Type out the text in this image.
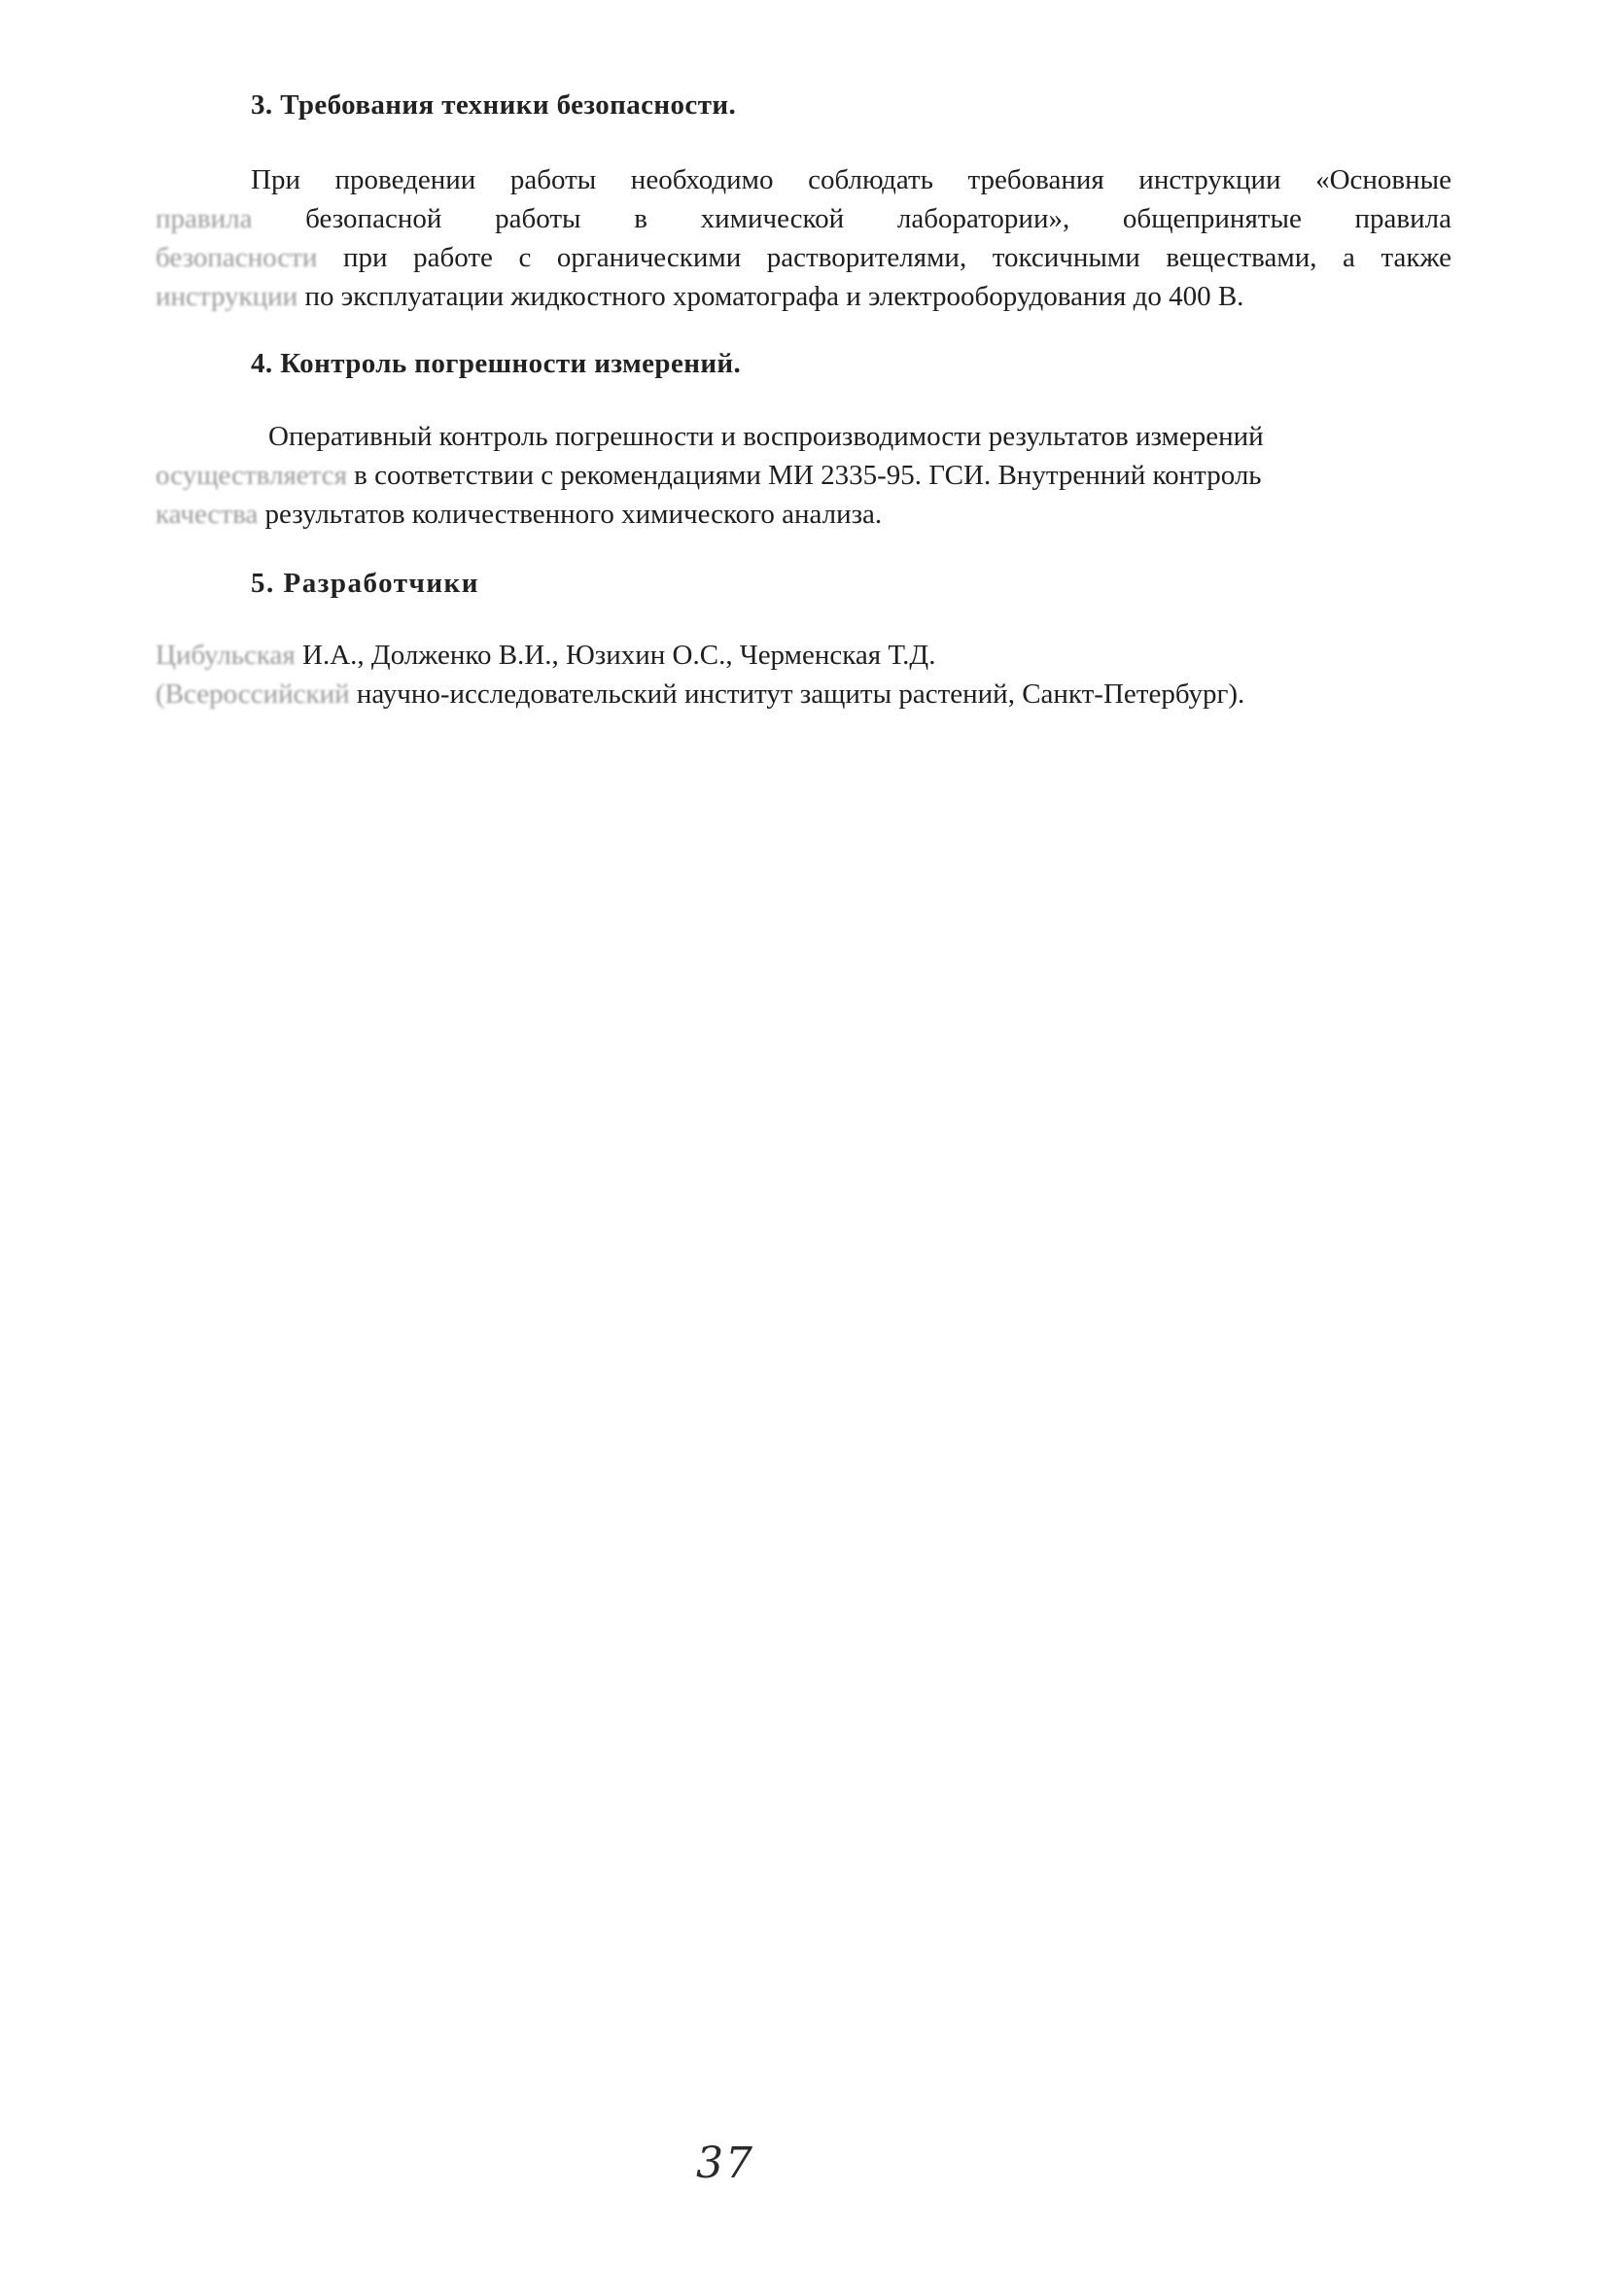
3. Требования техники безопасности.
При проведении работы необходимо соблюдать требования инструкции «Основные
правила безопасной работы в химической лаборатории», общепринятые правила
безопасности при работе с органическими растворителями, токсичными веществами, а также
инструкции по эксплуатации жидкостного хроматографа и электрооборудования до 400 В.
4. Контроль погрешности измерений.
Оперативный контроль погрешности и воспроизводимости результатов измерений
осуществляется в соответствии с рекомендациями МИ 2335-95. ГСИ. Внутренний контроль
качества результатов количественного химического анализа.
5. Разработчики
Цибульская И.А., Долженко В.И., Юзихин О.С., Черменская Т.Д.
(Всероссийский научно-исследовательский институт защиты растений, Санкт-Петербург).
37
